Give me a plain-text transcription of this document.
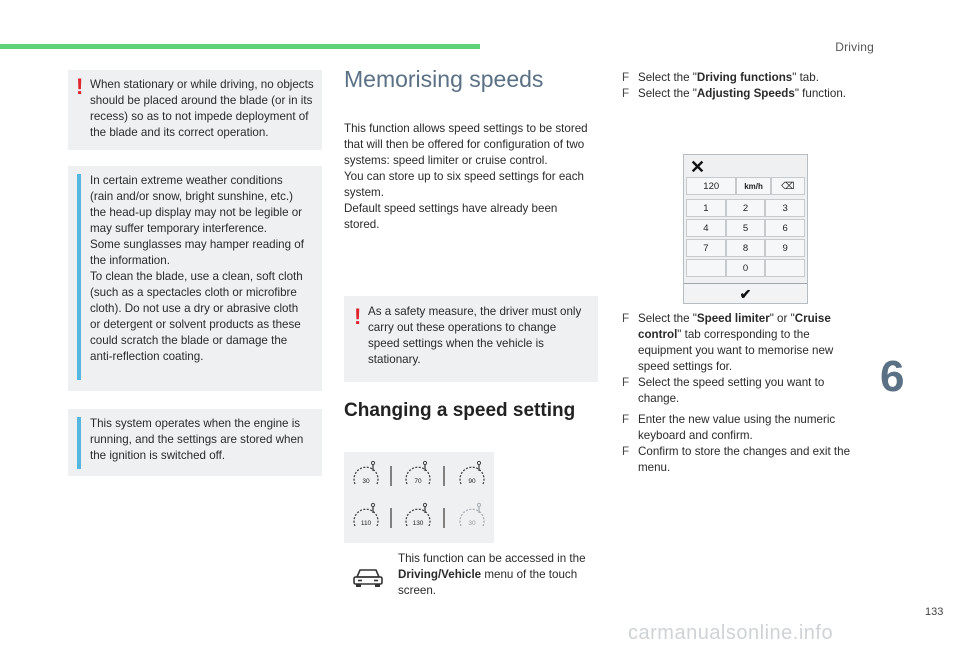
Driving
! When stationary or while driving, no objects should be placed around the blade (or in its recess) so as to not impede deployment of the blade and its correct operation.

In certain extreme weather conditions

(rain and/or snow, bright sunshine, etc.)

the head-up display may not be legible or

may suffer temporary interference.

Some sunglasses may hamper reading of

the information.

To clean the blade, use a clean, soft cloth

(such as a spectacles cloth or microfibre

cloth). Do not use a dry or abrasive cloth

or detergent or solvent products as these

could scratch the blade or damage the

anti-reflection coating.

This system operates when the engine is

running, and the settings are stored when

the ignition is switched off.

Memorising speeds

This function allows speed settings to be stored

that will then be offered for configuration of two

systems: speed limiter or cruise control.

You can store up to six speed settings for each

system.

Default speed settings have already been

stored.

! As a safety measure, the driver must only

carry out these operations to change

speed settings when the vehicle is

stationary.

Changing a speed setting
30	70	90
110	130	30

This function can be accessed in the

Driving/Vehicle menu of the touch

screen.

F Select the "Driving functions" tab.
F Select the "Adjusting Speeds" function.
✕
120	km/h	⌫
1	2	3
4	5	6
7	8	9
0
✔
F Select the "Speed limiter" or "Cruise

control" tab corresponding to the

equipment you want to memorise new

speed settings for.

F Select the speed setting you want to

change.

F Enter the new value using the numeric

keyboard and confirm.

F Confirm to store the changes and exit the

menu.

6
133
carmanualsonline.info
